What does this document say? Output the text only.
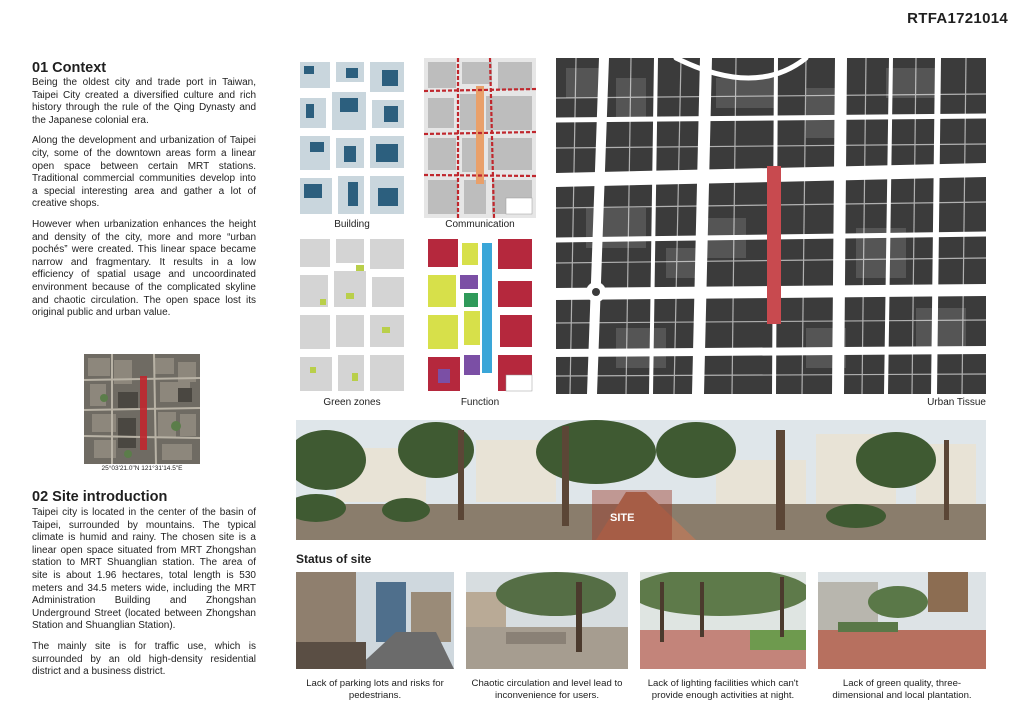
RTFA1721014
01 Context

Being the oldest city and trade port in Taiwan, Taipei City created a diversified culture and rich history through the rule of the Qing Dynasty and the Japanese colonial era.

Along the development and urbanization of Taipei city, some of the downtown areas form a linear open space between certain MRT stations. Traditional commercial communities develop into a special interesting area and gather a lot of creative shops.

However when urbanization enhances the height and density of the city, more and more “urban pochés” were created. This linear space became narrow and fragmentary. It results in a low efficiency of spatial usage and uncoordinated environment because of the complicated skyline and chaotic circulation. The open space lost its original public and urban value.

25°03'21.0"N 121°31'14.5"E
02 Site introduction

Taipei city is located in the center of the basin of Taipei, surrounded by mountains. The typical climate is humid and rainy. The chosen site is a linear open space situated from MRT Zhongshan station to MRT Shuanglian station. The area of site is about 1.96 hectares, total length is 530 meters and 34.5 meters wide, including the MRT Administration Building and Zhongshan Underground Street (located between Zhongshan Station and Shuanglian Station).

The mainly site is for traffic use, which is surrounded by an old high-density residential district and a business district.

Building	Communication
Green zones	Function	Urban Tissue
SITE
Status of site
Lack of parking lots and risks for pedestrians.
Chaotic circulation and level lead to inconvenience for users.
Lack of lighting facilities which can't provide enough activities at night.
Lack of green quality, three-dimensional and local plantation.
